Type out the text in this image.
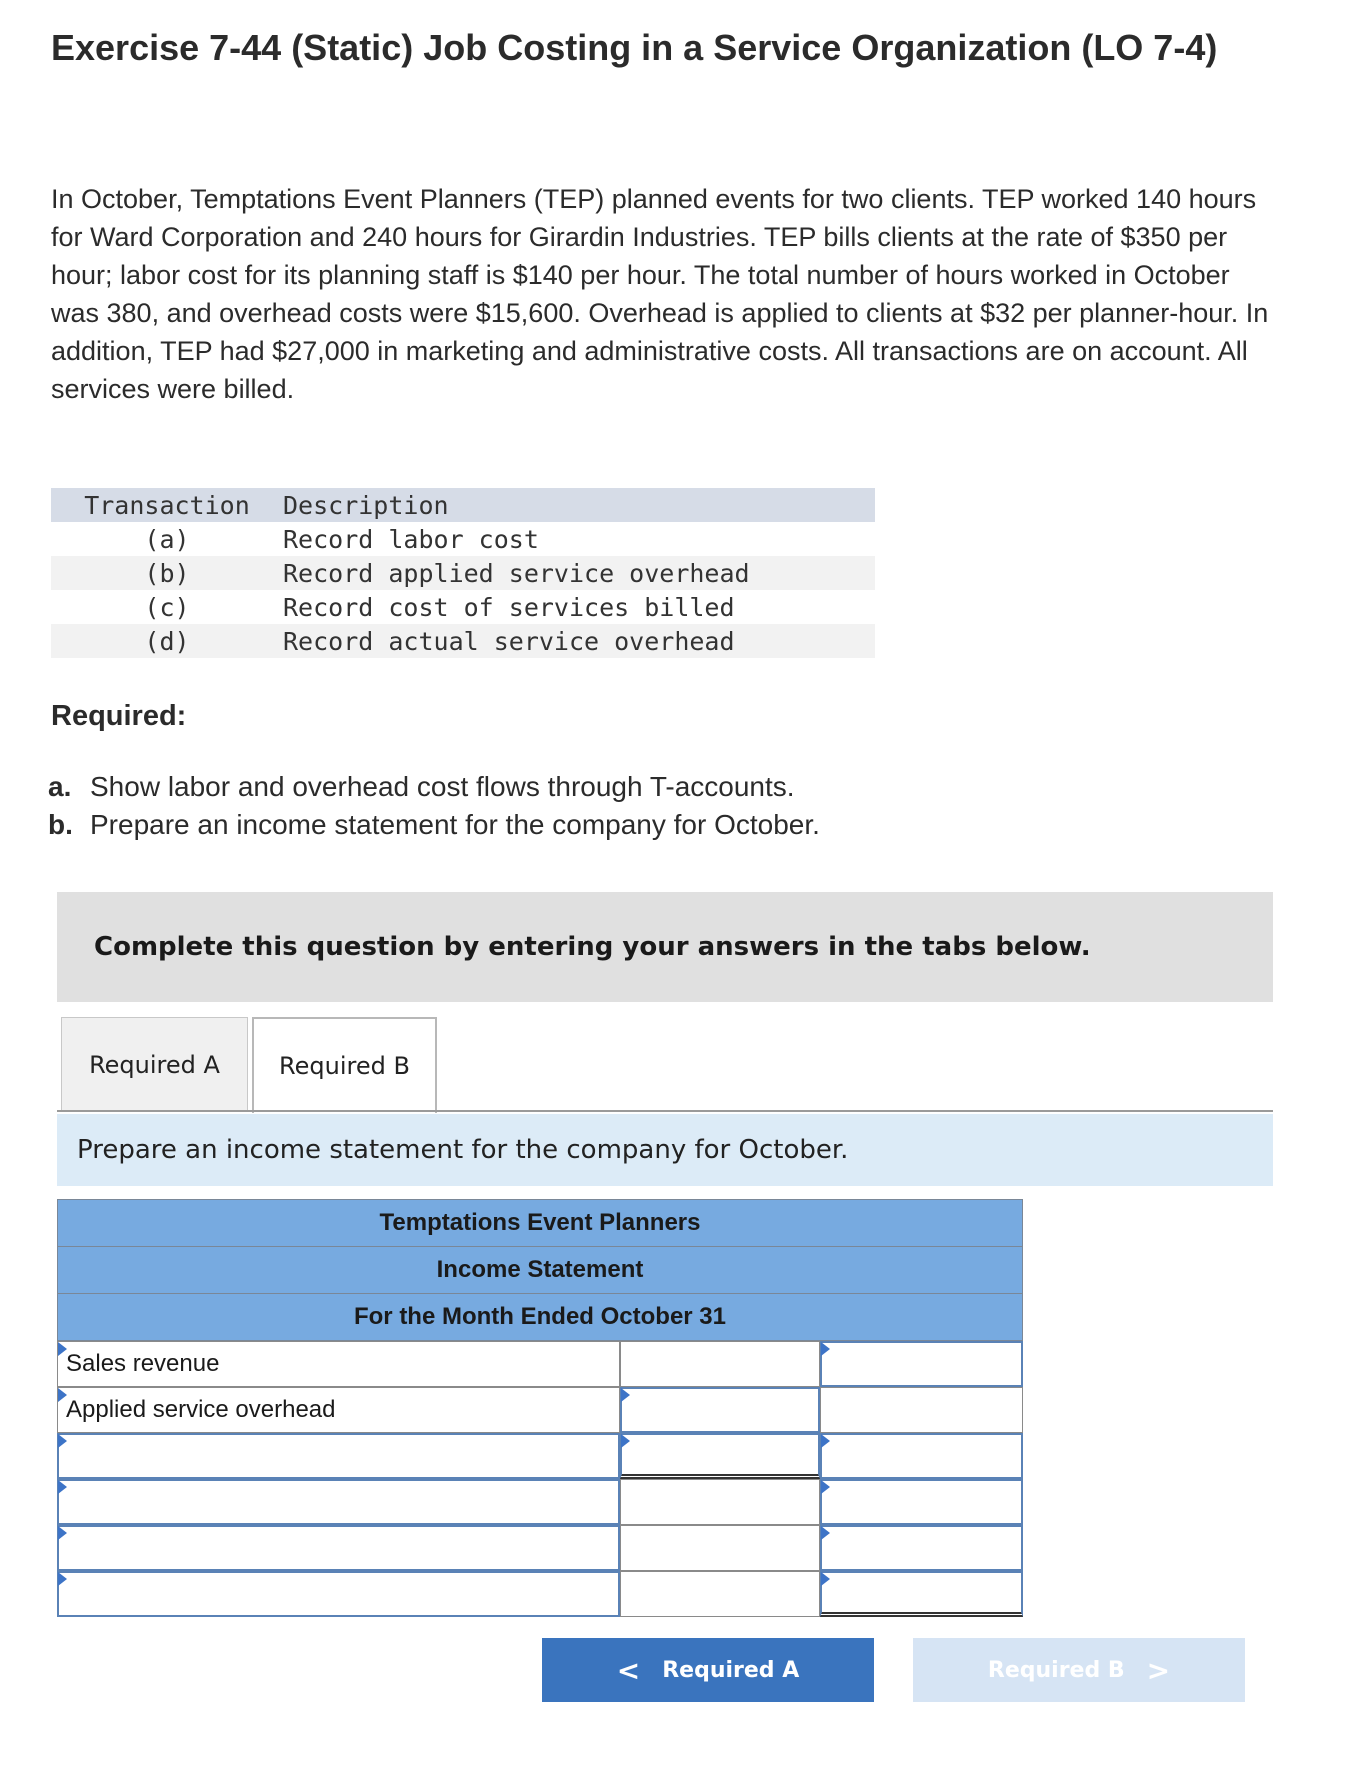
Exercise 7-44 (Static) Job Costing in a Service Organization (LO 7-4)

In October, Temptations Event Planners (TEP) planned events for two clients. TEP worked 140 hours for Ward Corporation and 240 hours for Girardin Industries. TEP bills clients at the rate of $350 per hour; labor cost for its planning staff is $140 per hour. The total number of hours worked in October was 380, and overhead costs were $15,600. Overhead is applied to clients at $32 per planner-hour. In addition, TEP had $27,000 in marketing and administrative costs. All transactions are on account. All services were billed.

Transaction	Description
(a)	Record labor cost
(b)	Record applied service overhead
(c)	Record cost of services billed
(d)	Record actual service overhead
Required:
a. Show labor and overhead cost flows through T-accounts.
b. Prepare an income statement for the company for October.
Complete this question by entering your answers in the tabs below.
Required A	Required B
Prepare an income statement for the company for October.
Temptations Event Planners
Income Statement
For the Month Ended October 31
Sales revenue
Applied service overhead
< Required A	Required B >
